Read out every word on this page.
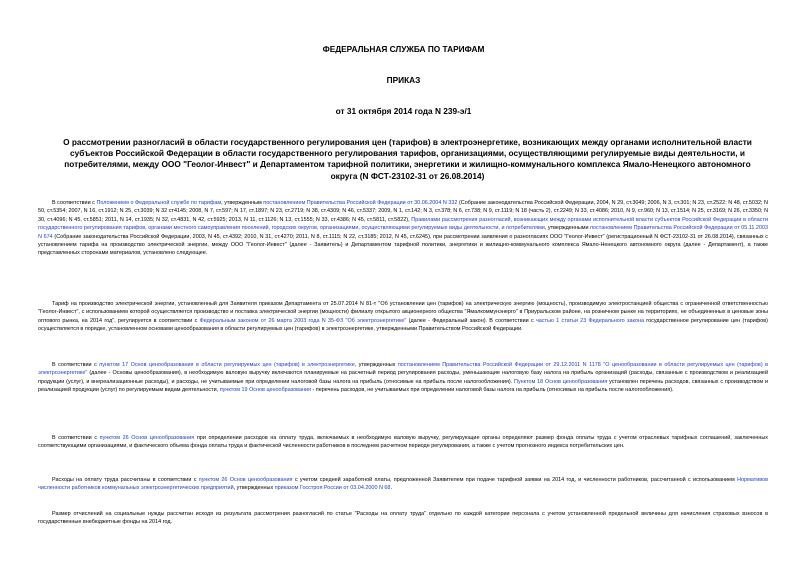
ФЕДЕРАЛЬНАЯ СЛУЖБА ПО ТАРИФАМ
ПРИКАЗ
от 31 октября 2014 года N 239-э/1
О рассмотрении разногласий в области государственного регулирования цен (тарифов) в электроэнергетике, возникающих между органами исполнительной власти субъектов Российской Федерации в области государственного регулирования тарифов, организациями, осуществляющими регулируемые виды деятельности, и потребителями, между ООО "Геолог-Инвест" и Департаментом тарифной политики, энергетики и жилищно-коммунального комплекса Ямало-Ненецкого автономного округа (N ФСТ-23102-31 от 26.08.2014)
В соответствии с Положением о Федеральной службе по тарифам, утвержденным постановлением Правительства Российской Федерации от 30.06.2004 N 332 (Собрание законодательства Российской Федерации, 2004, N 29, ст.3049; 2006, N 3, ст.301; N 23, ст.2522; N 48, ст.5032; N 50, ст.5354; 2007, N 16, ст.1912; N 25, ст.3039; N 32 ст4145; 2008, N 7, ст.597; N 17, ст.1897; N 23, ст.2719; N 38, ст.4309; N 46, ст.5337; 2009, N 1, ст.142; N 3, ст.378; N 6, ст.738; N 9, ст.1119; N 18 (часть 2), ст.2249; N 33, ст.4086; 2010, N 9, ст.960; N 13, ст.1514; N 25, ст.3169; N 26, ст.3350; N 30, ст.4096; N 45, ст.5851; 2011, N 14, ст.1935; N 32, ст.4831, N 42, ст.5925; 2013, N 11, ст.1126; N 13, ст.1555; N 33, ст.4386; N 45, ст.5811, ст.5822), Правилами рассмотрения разногласий, возникающих между органами исполнительной власти субъектов Российской Федерации в области государственного регулирования тарифов, органами местного самоуправления поселений, городских округов, организациями, осуществляющими регулируемые виды деятельности, и потребителями, утвержденными постановлением Правительства Российской Федерации от 05.11.2003 N 674 (Собрание законодательства Российской Федерации, 2003, N 45, ст.4392; 2010, N 31, ст.4270; 2011, N 8, ст.1115; N 22, ст.3185; 2012, N 45, ст.6245), при рассмотрении заявления о разногласиях ООО "Геолог-Инвест" (регистрационный N ФСТ-23102-31 от 26.08.2014), связанных с установлением тарифа на производство электрической энергии, между ООО "Геолог-Инвест" (далее - Заявитель) и Департаментом тарифной политики, энергетики и жилищно-коммунального комплекса Ямало-Ненецкого автономного округа (далее - Департамент), а также представленных сторонами материалов, установлено следующее.
Тариф на производство электрической энергии, установленный для Заявителя приказом Департамента от 25.07.2014 N 81-т "Об установлении цен (тарифов) на электрическую энергию (мощность), производимую электростанцией общества с ограниченной ответственностью "Геолог-Инвест", с использованием которой осуществляется производство и поставка электрической энергии (мощности) филиалу открытого акционерного общества "Ямалкоммунэнерго" в Приуральском районе, на розничном рынке на территориях, не объединенных в ценовые зоны оптового рынка, на 2014 год", регулируется в соответствии с Федеральным законом от 26 марта 2003 года N 35-ФЗ "Об электроэнергетике" (далее - Федеральный закон). В соответствии с частью 1 статьи 23 Федерального закона государственное регулирование цен (тарифов) осуществляется в порядке, установленном основами ценообразования в области регулируемых цен (тарифов) в электроэнергетике, утвержденными Правительством Российской Федерации.
В соответствии с пунктом 17 Основ ценообразования в области регулируемых цен (тарифов) в электроэнергетике, утвержденных постановлением Правительства Российской Федерации от 29.12.2011 N 1178 "О ценообразовании в области регулируемых цен (тарифов) в электроэнергетике" (далее - Основы ценообразования), в необходимую валовую выручку включаются планируемые на расчетный период регулирования расходы, уменьшающие налоговую базу налога на прибыль организаций (расходы, связанные с производством и реализацией продукции (услуг), и внереализационные расходы), и расходы, не учитываемые при определении налоговой базы налога на прибыль (относимые на прибыль после налогообложения). Пунктом 18 Основ ценообразования установлен перечень расходов, связанных с производством и реализацией продукции (услуг) по регулируемым видам деятельности, пунктом 19 Основ ценообразования - перечень расходов, не учитываемых при определении налоговой базы налога на прибыль (относимых на прибыль после налогообложения).
В соответствии с пунктом 26 Основ ценообразования при определении расходов на оплату труда, включаемых в необходимую валовую выручку, регулирующие органы определяют размер фонда оплаты труда с учетом отраслевых тарифных соглашений, заключенных соответствующими организациями, и фактического объема фонда оплаты труда и фактической численности работников в последнем расчетном периоде регулирования, а также с учетом прогнозного индекса потребительских цен.
Расходы на оплату труда рассчитаны в соответствии с пунктом 26 Основ ценообразования с учетом средней заработной платы, предложенной Заявителем при подаче тарифной заявки на 2014 год, и численности работников, рассчитанной с использованием Нормативов численности работников коммунальных электроэнергетических предприятий, утвержденных приказом Госстроя России от 03.04.2000 N 68.
Размер отчислений на социальные нужды рассчитан исходя из результата рассмотрения разногласий по статье "Расходы на оплату труда" отдельно по каждой категории персонала с учетом установленной предельной величины для начисления страховых взносов в государственные внебюджетные фонды на 2014 год.
